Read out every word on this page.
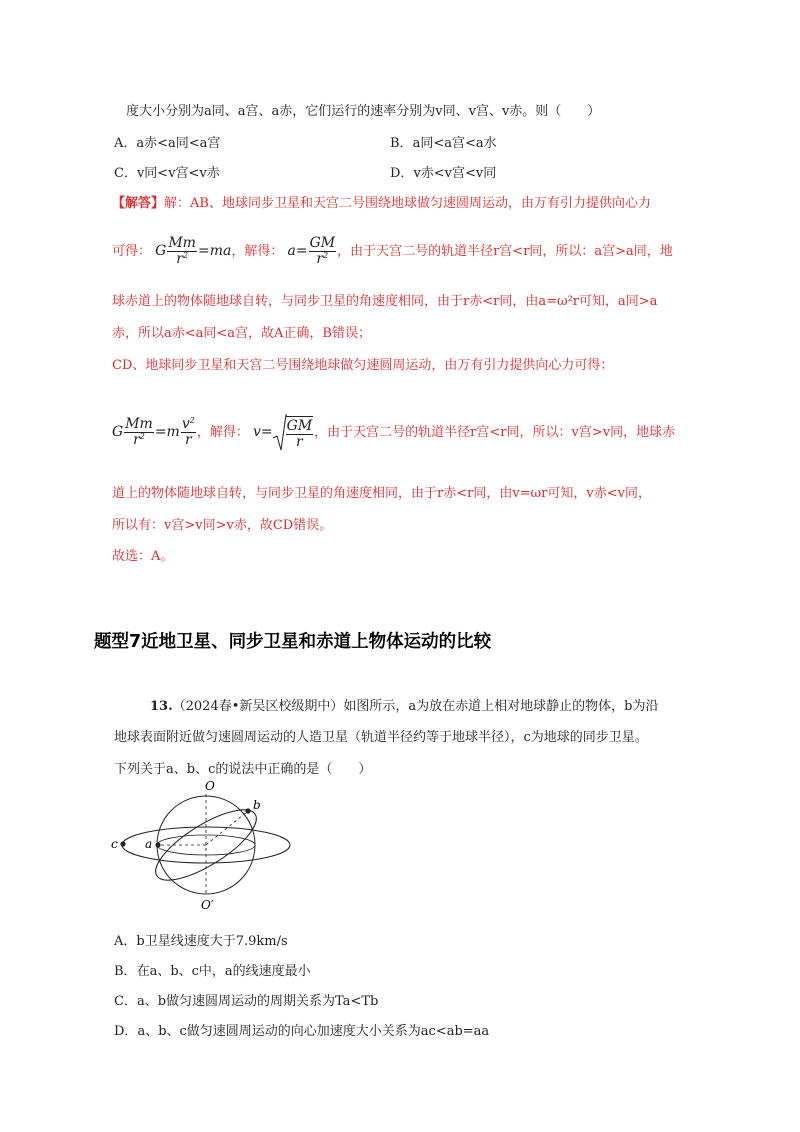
度大小分别为a同、a宫、a赤，它们运行的速率分别为v同、v宫、v赤。则（　　）
A．a赤<a同<a宫	B．a同<a宫<a水
C．v同<v宫<v赤	D．v赤<v宫<v同
【解答】解：AB、地球同步卫星和天宫二号围绕地球做匀速圆周运动，由万有引力提供向心力
可得： G $\frac{Mm}{r^2} =ma$，解得： $a= \frac{GM}{r^2}$ ，由于天宫二号的轨道半径r宫<r同，所以：a宫>a同，地
球赤道上的物体随地球自转，与同步卫星的角速度相同，由于r赤<r同，由a=ω²r可知，a同>a
赤，所以a赤<a同<a宫，故A正确，B错误；
CD、地球同步卫星和天宫二号围绕地球做匀速圆周运动，由万有引力提供向心力可得：
G $\frac{Mm}{r^2} =m \frac{v^2}{r}$ ，解得： $v= \frac{GM}{r}$ ，由于天宫二号的轨道半径r宫<r同，所以：v宫>v同，地球赤
道上的物体随地球自转，与同步卫星的角速度相同，由于r赤<r同，由v=ωr可知，v赤<v同，
所以有：v宫>v同>v赤，故CD错误。
故选：A。
题型7近地卫星、同步卫星和赤道上物体运动的比较
13.（2024春•新吴区校级期中）如图所示，a为放在赤道上相对地球静止的物体，b为沿
地球表面附近做匀速圆周运动的人造卫星（轨道半径约等于地球半径），c为地球的同步卫星。
下列关于a、b、c的说法中正确的是（　　）
O
O′
b
a
c
A．b卫星线速度大于7.9km/s
B．在a、b、c中，a的线速度最小
C．a、b做匀速圆周运动的周期关系为Ta<Tb
D．a、b、c做匀速圆周运动的向心加速度大小关系为ac<ab=aa
